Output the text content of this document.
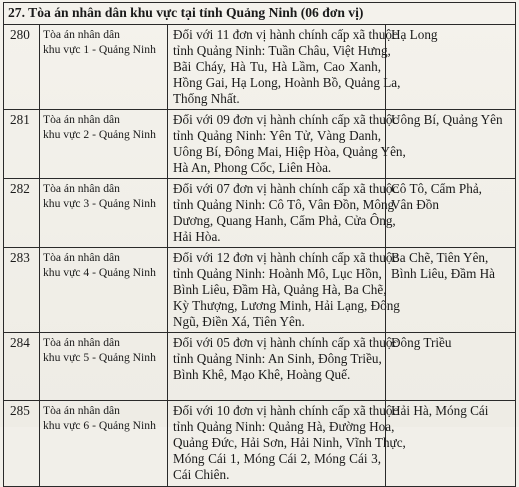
27. Tòa án nhân dân khu vực tại tỉnh Quảng Ninh (06 đơn vị)			
280	Tòa án nhân dân
khu vực 1 - Quảng Ninh	Đối với 11 đơn vị hành chính cấp xã thuộc
tỉnh Quảng Ninh: Tuần Châu, Việt Hưng,
Bãi Cháy, Hà Tu, Hà Lầm, Cao Xanh,
Hồng Gai, Hạ Long, Hoành Bồ, Quảng La,
Thống Nhất.	Hạ Long
281	Tòa án nhân dân
khu vực 2 - Quảng Ninh	Đối với 09 đơn vị hành chính cấp xã thuộc
tỉnh Quảng Ninh: Yên Tử, Vàng Danh,
Uông Bí, Đông Mai, Hiệp Hòa, Quảng Yên,
Hà An, Phong Cốc, Liên Hòa.	Uông Bí, Quảng Yên
282	Tòa án nhân dân
khu vực 3 - Quảng Ninh	Đối với 07 đơn vị hành chính cấp xã thuộc
tỉnh Quảng Ninh: Cô Tô, Vân Đồn, Mông
Dương, Quang Hanh, Cẩm Phả, Cửa Ông,
Hải Hòa.	Cô Tô, Cẩm Phả,
Vân Đồn

283	Tòa án nhân dân
khu vực 4 - Quảng Ninh	Đối với 12 đơn vị hành chính cấp xã thuộc
tỉnh Quảng Ninh: Hoành Mô, Lục Hồn,
Bình Liêu, Đầm Hà, Quảng Hà, Ba Chẽ,
Kỳ Thượng, Lương Minh, Hải Lạng, Đông
Ngũ, Điền Xá, Tiên Yên.	Ba Chẽ, Tiên Yên,
Bình Liêu, Đầm Hà

284	Tòa án nhân dân
khu vực 5 - Quảng Ninh	Đối với 05 đơn vị hành chính cấp xã thuộc
tỉnh Quảng Ninh: An Sinh, Đông Triều,
Bình Khê, Mạo Khê, Hoàng Quế.	Đông Triều
285	Tòa án nhân dân
khu vực 6 - Quảng Ninh	Đối với 10 đơn vị hành chính cấp xã thuộc
tỉnh Quảng Ninh: Quảng Hà, Đường Hoa,
Quảng Đức, Hải Sơn, Hải Ninh, Vĩnh Thực,
Móng Cái 1, Móng Cái 2, Móng Cái 3,
Cái Chiên.	Hải Hà, Móng Cái
